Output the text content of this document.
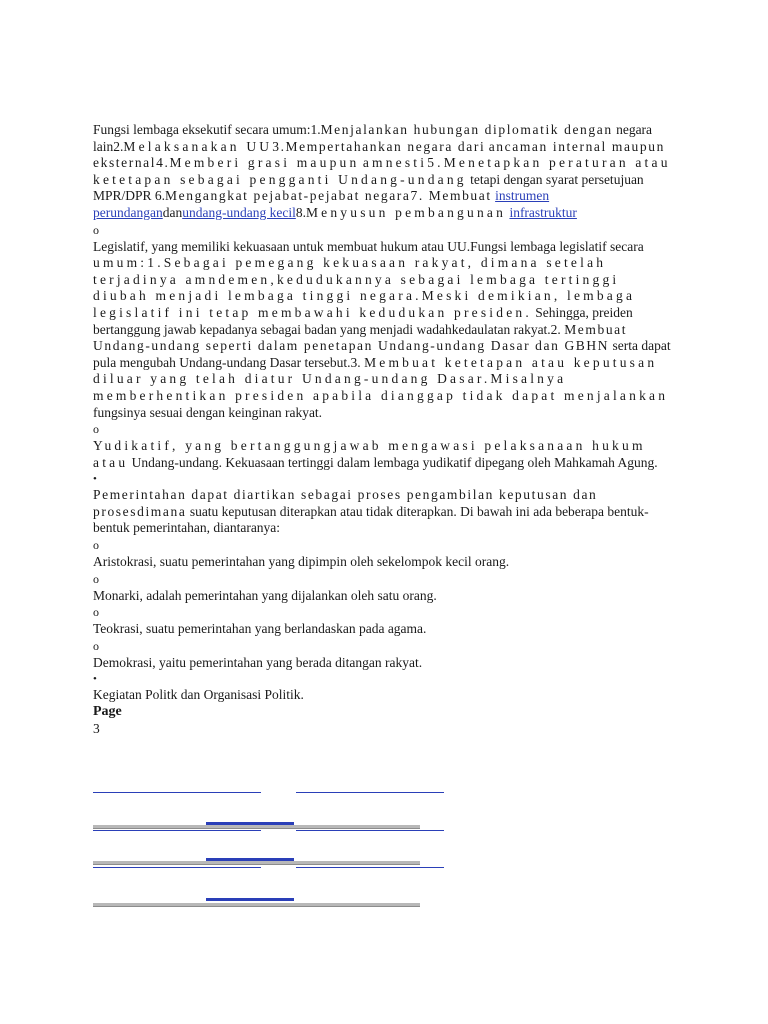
Fungsi lembaga eksekutif secara umum:1.Menjalankan hubungan diplomatik dengan negara lain2.Melaksanakan UU3.Mempertahankan negara dari ancaman internal maupun eksternal4.Memberi grasi maupun amnesti5.Menetapkan peraturan atau ketetapan sebagai pengganti Undang-undang tetapi dengan syarat persetujuan MPR/DPR 6.Mengangkat pejabat-pejabat negara7. Membuat instrumen perundangandanundang-undang kecil8.Menyusun pembangunan infrastruktur
o
Legislatif, yang memiliki kekuasaan untuk membuat hukum atau UU.Fungsi lembaga legislatif secara umum:1.Sebagai pemegang kekuasaan rakyat, dimana setelah terjadinya amndemen,kedudukannya sebagai lembaga tertinggi diubah menjadi lembaga tinggi negara.Meski demikian, lembaga legislatif ini tetap membawahi kedudukan presiden. Sehingga, preiden bertanggung jawab kepadanya sebagai badan yang menjadi wadahkedaulatan rakyat.2. Membuat Undang-undang seperti dalam penetapan Undang-undang Dasar dan GBHN serta dapat pula mengubah Undang-undang Dasar tersebut.3. Membuat ketetapan atau keputusan diluar yang telah diatur Undang-undang Dasar.Misalnya memberhentikan presiden apabila dianggap tidak dapat menjalankan fungsinya sesuai dengan keinginan rakyat.
o
Yudikatif, yang bertanggungjawab mengawasi pelaksanaan hukum atau Undang-undang. Kekuasaan tertinggi dalam lembaga yudikatif dipegang oleh Mahkamah Agung.
•
Pemerintahan dapat diartikan sebagai proses pengambilan keputusan dan prosesdimana suatu keputusan diterapkan atau tidak diterapkan. Di bawah ini ada beberapa bentuk-bentuk pemerintahan, diantaranya:
o
Aristokrasi, suatu pemerintahan yang dipimpin oleh sekelompok kecil orang.
o
Monarki, adalah pemerintahan yang dijalankan oleh satu orang.
o
Teokrasi, suatu pemerintahan yang berlandaskan pada agama.
o
Demokrasi, yaitu pemerintahan yang berada ditangan rakyat.
•
Kegiatan Politk dan Organisasi Politik.
Page
3
